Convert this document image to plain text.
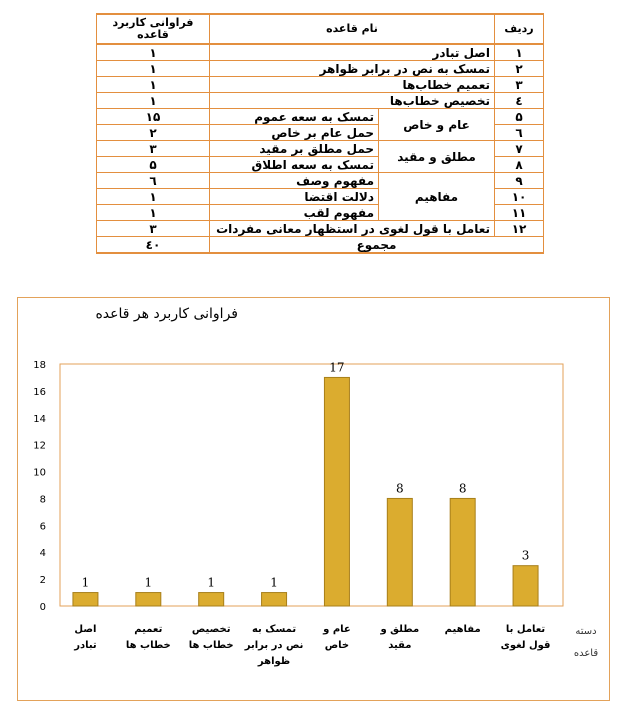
ردیف	نام قاعده		فراوانی کاربرد قاعده
۱	اصل تبادر		۱
۲	تمسک به نص در برابر ظواهر		۱
۳	تعمیم خطاب‌ها		۱
٤	تخصیص خطاب‌ها		۱
۵	عام و خاص	تمسک به سعه عموم	۱۵
٦		حمل عام بر خاص	۲
۷	مطلق و مقید	حمل مطلق بر مقید	۳
۸		تمسک به سعه اطلاق	۵
۹	مفاهیم	مفهوم وصف	٦
۱۰		دلالت اقتضا	۱
۱۱		مفهوم لقب	۱
۱۲	تعامل با قول لغوی در استظهار معانی مفردات		۳
مجموع			٤۰
فراوانی کاربرد هر قاعده
0
2
4
6
8
10
12
14
16
18
1
اصل
تبادر
1
تعمیم
خطاب ها
1
تخصیص
خطاب ها
1
تمسک به
نص در برابر
ظواهر
17
عام و
خاص
8
مطلق و
مقید
8
مفاهیم
3
تعامل با
قول لغوی
دسته
قاعده
